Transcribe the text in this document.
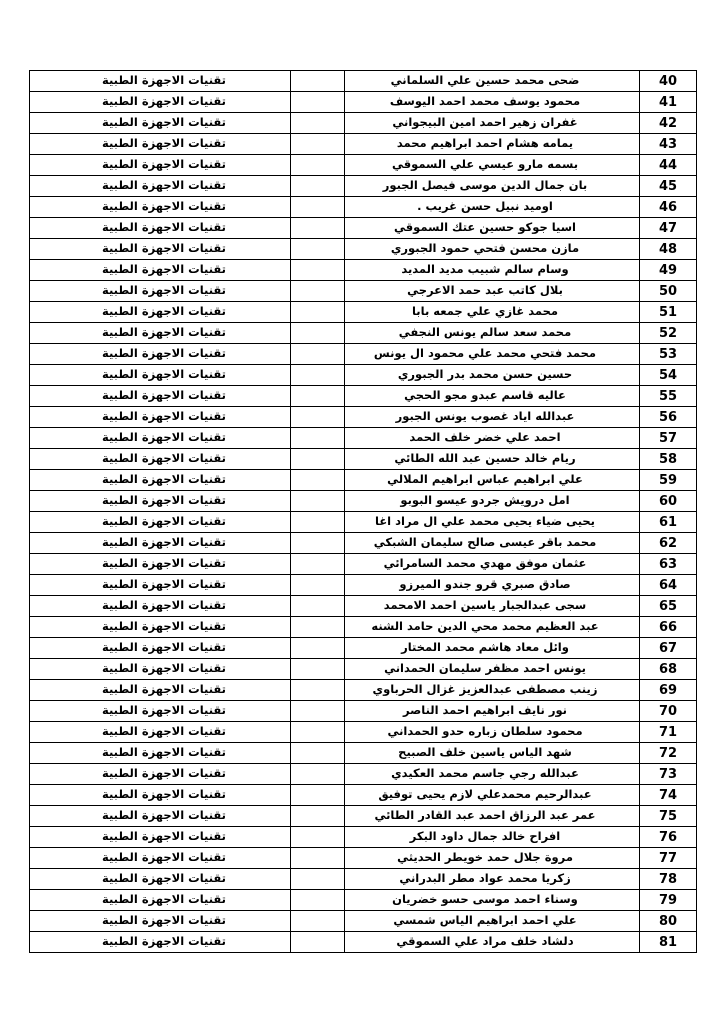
40	ضحى محمد حسين علي السلماني		تقنيات الاجهزة الطبية
41	محمود يوسف محمد احمد اليوسف		تقنيات الاجهزة الطبية
42	غفران زهير احمد امين البيجواني		تقنيات الاجهزة الطبية
43	يمامه هشام احمد ابراهيم محمد		تقنيات الاجهزة الطبية
44	بسمه مارو عيسي علي السموقي		تقنيات الاجهزة الطبية
45	بان جمال الدين موسى فيصل الجبور		تقنيات الاجهزة الطبية
46	اوميد نبيل حسن غريب .		تقنيات الاجهزة الطبية
47	اسيا جوكو حسين عتك السموقي		تقنيات الاجهزة الطبية
48	مازن محسن فتحي حمود الجبوري		تقنيات الاجهزة الطبية
49	وسام سالم شبيب مديد المديد		تقنيات الاجهزة الطبية
50	بلال كاتب عبد حمد الاعرجي		تقنيات الاجهزة الطبية
51	محمد غازي علي جمعه بابا		تقنيات الاجهزة الطبية
52	محمد سعد سالم يونس النجفي		تقنيات الاجهزة الطبية
53	محمد فتحي محمد علي محمود ال يونس		تقنيات الاجهزة الطبية
54	حسين حسن محمد بدر الجبوري		تقنيات الاجهزة الطبية
55	عاليه قاسم عبدو مجو الحجي		تقنيات الاجهزة الطبية
56	عبدالله اياد غصوب يونس الجبور		تقنيات الاجهزة الطبية
57	احمد علي خضر خلف الحمد		تقنيات الاجهزة الطبية
58	ريام خالد حسين عبد الله الطائي		تقنيات الاجهزة الطبية
59	علي ابراهيم عباس ابراهيم الملالي		تقنيات الاجهزة الطبية
60	امل درويش جردو عيسو البوبو		تقنيات الاجهزة الطبية
61	يحيى ضياء يحيى محمد علي ال مراد اغا		تقنيات الاجهزة الطبية
62	محمد باقر عيسى صالح سليمان الشبكي		تقنيات الاجهزة الطبية
63	عثمان موفق مهدي محمد السامرائي		تقنيات الاجهزة الطبية
64	صادق صبري قرو جندو الميرزو		تقنيات الاجهزة الطبية
65	سجى عبدالجبار ياسين احمد الامحمد		تقنيات الاجهزة الطبية
66	عبد العظيم محمد محي الدين حامد الشنه		تقنيات الاجهزة الطبية
67	وائل معاد هاشم محمد المختار		تقنيات الاجهزة الطبية
68	يونس احمد مظفر سليمان الحمداني		تقنيات الاجهزة الطبية
69	زينب مصطفى عبدالعزيز غزال الحرباوي		تقنيات الاجهزة الطبية
70	نور نايف ابراهيم احمد الناصر		تقنيات الاجهزة الطبية
71	محمود سلطان زباره حدو الحمداني		تقنيات الاجهزة الطبية
72	شهد الياس ياسين خلف الصبيح		تقنيات الاجهزة الطبية
73	عبدالله رجي جاسم محمد العكيدي		تقنيات الاجهزة الطبية
74	عبدالرحيم محمدعلي لازم يحيى توفيق		تقنيات الاجهزة الطبية
75	عمر عبد الرزاق احمد عبد القادر الطائي		تقنيات الاجهزة الطبية
76	افراح خالد جمال داود البكر		تقنيات الاجهزة الطبية
77	مروة جلال حمد خويطر الحديثي		تقنيات الاجهزة الطبية
78	زكريا محمد عواد مطر البدراني		تقنيات الاجهزة الطبية
79	وسناء احمد موسى حسو خضريان		تقنيات الاجهزة الطبية
80	علي احمد ابراهيم الياس شمسي		تقنيات الاجهزة الطبية
81	دلشاد خلف مراد علي السموقي		تقنيات الاجهزة الطبية
